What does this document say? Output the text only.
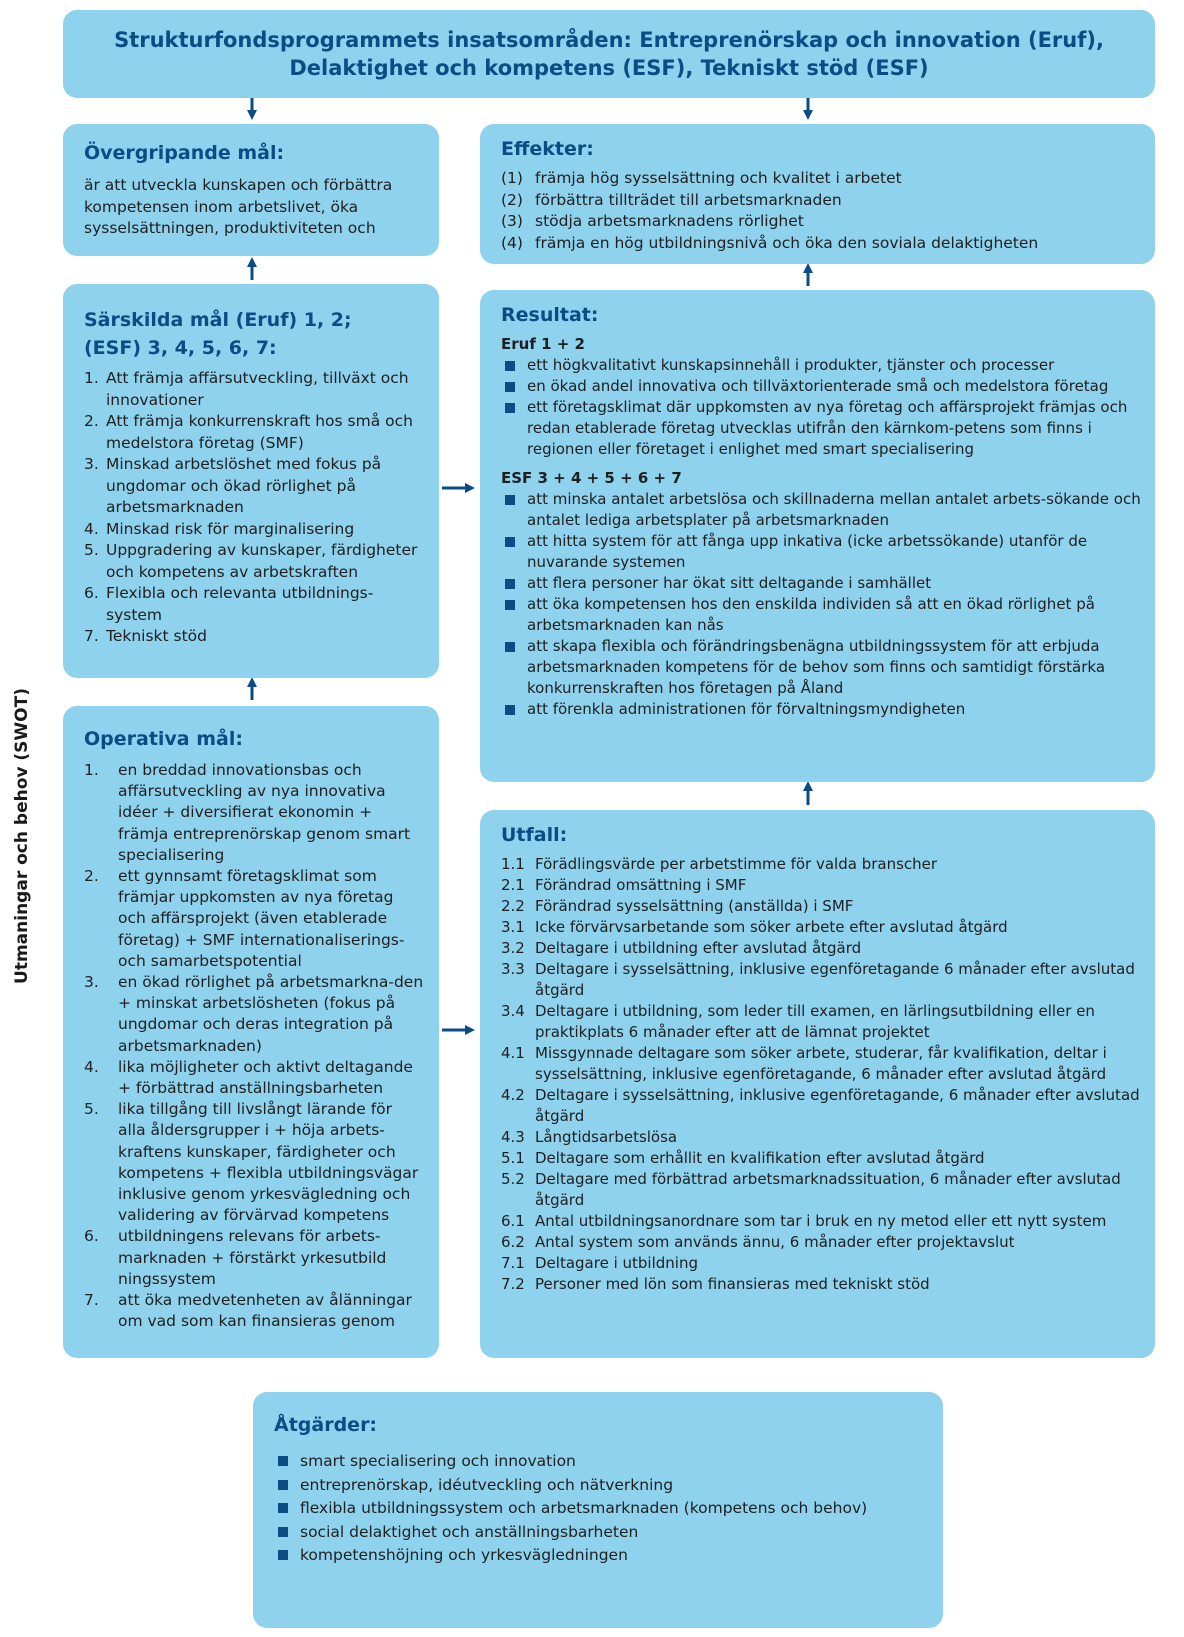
Utmaningar och behov (SWOT)
Strukturfondsprogrammets insatsområden: Entreprenörskap och innovation (Eruf),
Delaktighet och kompetens (ESF), Tekniskt stöd (ESF)
Övergripande mål:
är att utveckla kunskapen och förbättra kompetensen inom arbetslivet, öka sysselsättningen, produktiviteten och
Särskilda mål (Eruf) 1, 2;
(ESF) 3, 4, 5, 6, 7:
1. Att främja affärsutveckling, tillväxt och innovationer
2. Att främja konkurrenskraft hos små och medelstora företag (SMF)
3. Minskad arbetslöshet med fokus på ungdomar och ökad rörlighet på arbetsmarknaden
4. Minskad risk för marginalisering
5. Uppgradering av kunskaper, färdigheter och kompetens av arbetskraften
6. Flexibla och relevanta utbildnings-system
7. Tekniskt stöd
Operativa mål:
1. en breddad innovationsbas och affärsutveckling av nya innovativa idéer + diversifierat ekonomin + främja entreprenörskap genom smart specialisering
2. ett gynnsamt företagsklimat som främjar uppkomsten av nya företag och affärsprojekt (även etablerade företag) + SMF internationaliserings- och samarbetspotential
3. en ökad rörlighet på arbetsmarkna-den + minskat arbetslösheten (fokus på ungdomar och deras integration på arbetsmarknaden)
4. lika möjligheter och aktivt deltagande + förbättrad anställningsbarheten
5. lika tillgång till livslångt lärande för alla åldersgrupper i + höja arbets-kraftens kunskaper, färdigheter och kompetens + flexibla utbildningsvägar inklusive genom yrkesvägledning och validering av förvärvad kompetens
6. utbildningens relevans för arbets-marknaden + förstärkt yrkesutbild ningssystem
7. att öka medvetenheten av ålänningar om vad som kan finansieras genom
Effekter:
(1) främja hög sysselsättning och kvalitet i arbetet
(2) förbättra tillträdet till arbetsmarknaden
(3) stödja arbetsmarknadens rörlighet
(4) främja en hög utbildningsnivå och öka den soviala delaktigheten
Resultat:
Eruf 1 + 2
ett högkvalitativt kunskapsinnehåll i produkter, tjänster och processer
en ökad andel innovativa och tillväxtorienterade små och medelstora företag
ett företagsklimat där uppkomsten av nya företag och affärsprojekt främjas och redan etablerade företag utvecklas utifrån den kärnkom-petens som finns i regionen eller företaget i enlighet med smart specialisering
ESF 3 + 4 + 5 + 6 + 7
att minska antalet arbetslösa och skillnaderna mellan antalet arbets-sökande och antalet lediga arbetsplater på arbetsmarknaden
att hitta system för att fånga upp inkativa (icke arbetssökande) utanför de nuvarande systemen
att flera personer har ökat sitt deltagande i samhället
att öka kompetensen hos den enskilda individen så att en ökad rörlighet på arbetsmarknaden kan nås
att skapa flexibla och förändringsbenägna utbildningssystem för att erbjuda arbetsmarknaden kompetens för de behov som finns och samtidigt förstärka konkurrenskraften hos företagen på Åland
att förenkla administrationen för förvaltningsmyndigheten
Utfall:
1.1 Förädlingsvärde per arbetstimme för valda branscher
2.1 Förändrad omsättning i SMF
2.2 Förändrad sysselsättning (anställda) i SMF
3.1 Icke förvärvsarbetande som söker arbete efter avslutad åtgärd
3.2 Deltagare i utbildning efter avslutad åtgärd
3.3 Deltagare i sysselsättning, inklusive egenföretagande 6 månader efter avslutad åtgärd
3.4 Deltagare i utbildning, som leder till examen, en lärlingsutbildning eller en praktikplats 6 månader efter att de lämnat projektet
4.1 Missgynnade deltagare som söker arbete, studerar, får kvalifikation, deltar i sysselsättning, inklusive egenföretagande, 6 månader efter avslutad åtgärd
4.2 Deltagare i sysselsättning, inklusive egenföretagande, 6 månader efter avslutad åtgärd
4.3 Långtidsarbetslösa
5.1 Deltagare som erhållit en kvalifikation efter avslutad åtgärd
5.2 Deltagare med förbättrad arbetsmarknadssituation, 6 månader efter avslutad åtgärd
6.1 Antal utbildningsanordnare som tar i bruk en ny metod eller ett nytt system
6.2 Antal system som används ännu, 6 månader efter projektavslut
7.1 Deltagare i utbildning
7.2 Personer med lön som finansieras med tekniskt stöd
Åtgärder:
smart specialisering och innovation
entreprenörskap, idéutveckling och nätverkning
flexibla utbildningssystem och arbetsmarknaden (kompetens och behov)
social delaktighet och anställningsbarheten
kompetenshöjning och yrkesvägledningen
